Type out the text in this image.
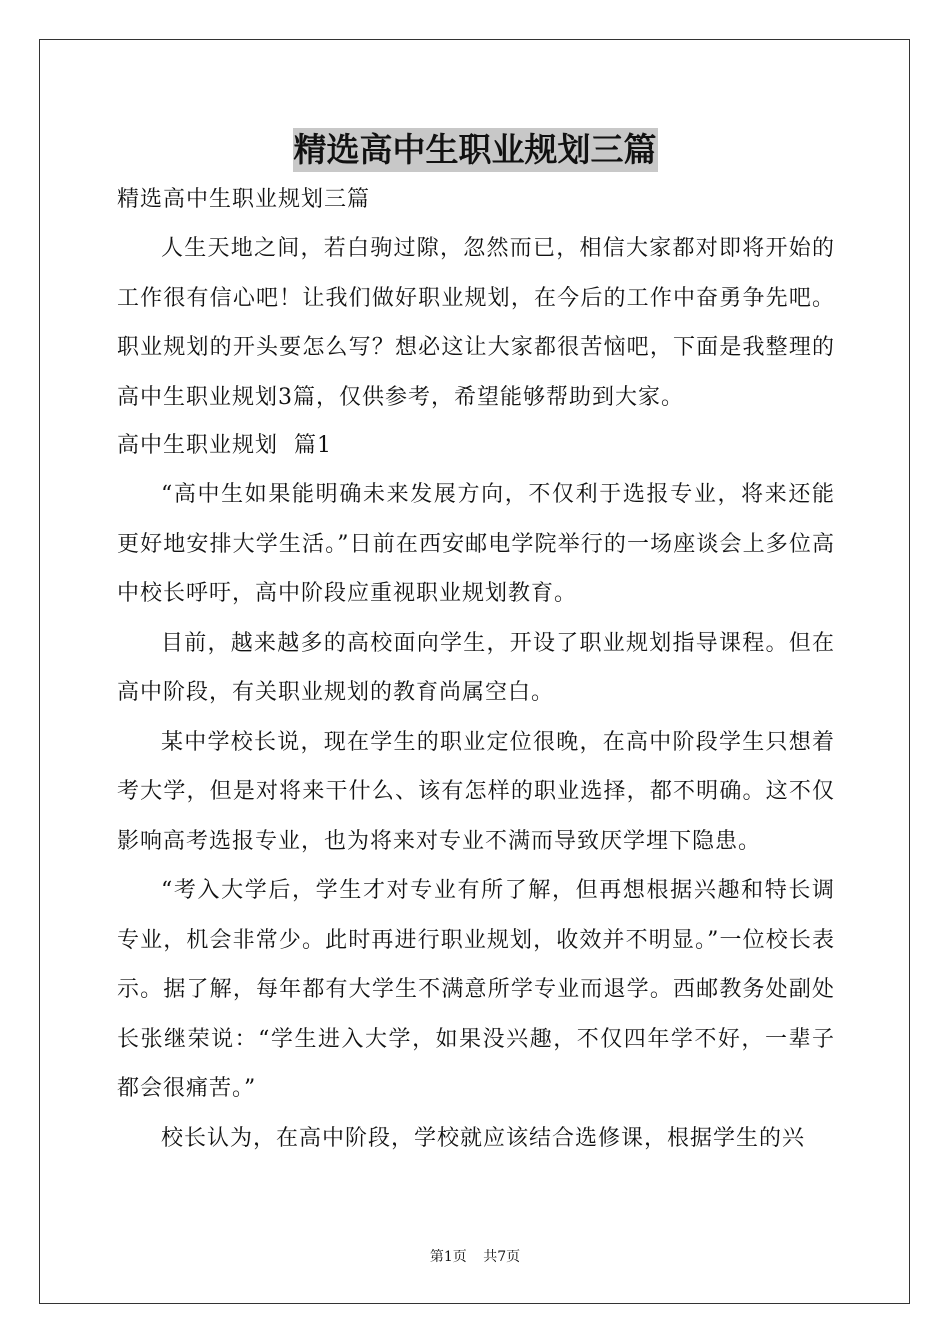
精选高中生职业规划三篇

精选高中生职业规划三篇

人生天地之间，若白驹过隙，忽然而已，相信大家都对即将开始的工作很有信心吧！让我们做好职业规划，在今后的工作中奋勇争先吧。职业规划的开头要怎么写？想必这让大家都很苦恼吧，下面是我整理的高中生职业规划3篇，仅供参考，希望能够帮助到大家。

高中生职业规划  篇1

“高中生如果能明确未来发展方向，不仅利于选报专业，将来还能更好地安排大学生活。”日前在西安邮电学院举行的一场座谈会上多位高中校长呼吁，高中阶段应重视职业规划教育。

目前，越来越多的高校面向学生，开设了职业规划指导课程。但在高中阶段，有关职业规划的教育尚属空白。

某中学校长说，现在学生的职业定位很晚，在高中阶段学生只想着考大学，但是对将来干什么、该有怎样的职业选择，都不明确。这不仅影响高考选报专业，也为将来对专业不满而导致厌学埋下隐患。

“考入大学后，学生才对专业有所了解，但再想根据兴趣和特长调专业，机会非常少。此时再进行职业规划，收效并不明显。”一位校长表示。据了解，每年都有大学生不满意所学专业而退学。西邮教务处副处长张继荣说：“学生进入大学，如果没兴趣，不仅四年学不好，一辈子都会很痛苦。”

校长认为，在高中阶段，学校就应该结合选修课，根据学生的兴

第1页 共7页
